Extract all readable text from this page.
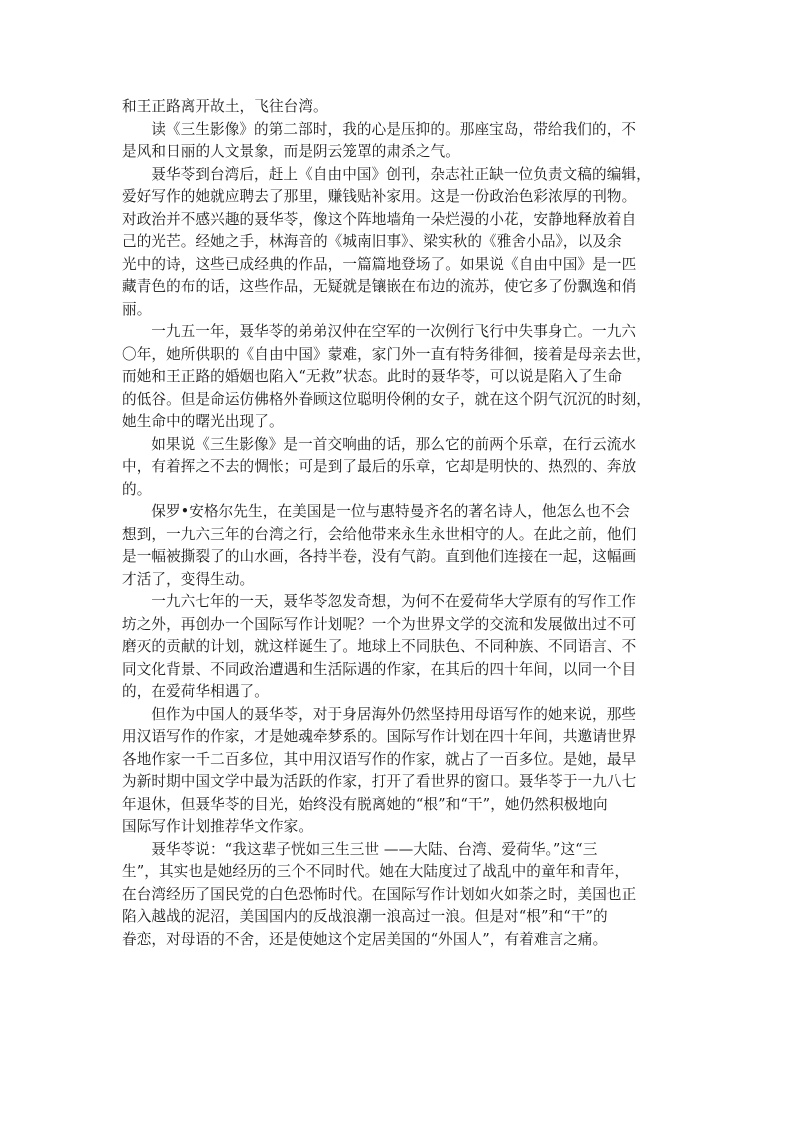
和王正路离开故土，飞往台湾。

读《三生影像》的第二部时，我的心是压抑的。那座宝岛，带给我们的，不
是风和日丽的人文景象，而是阴云笼罩的肃杀之气。

聂华苓到台湾后，赶上《自由中国》创刊，杂志社正缺一位负责文稿的编辑，
爱好写作的她就应聘去了那里，赚钱贴补家用。这是一份政治色彩浓厚的刊物。
对政治并不感兴趣的聂华苓，像这个阵地墙角一朵烂漫的小花，安静地释放着自
己的光芒。经她之手，林海音的《城南旧事》、梁实秋的《雅舍小品》，以及余
光中的诗，这些已成经典的作品，一篇篇地登场了。如果说《自由中国》是一匹
藏青色的布的话，这些作品，无疑就是镶嵌在布边的流苏，使它多了份飘逸和俏
丽。

一九五一年，聂华苓的弟弟汉仲在空军的一次例行飞行中失事身亡。一九六
〇年，她所供职的《自由中国》蒙难，家门外一直有特务徘徊，接着是母亲去世，
而她和王正路的婚姻也陷入“无救”状态。此时的聂华苓，可以说是陷入了生命
的低谷。但是命运仿佛格外眷顾这位聪明伶俐的女子，就在这个阴气沉沉的时刻，
她生命中的曙光出现了。

如果说《三生影像》是一首交响曲的话，那么它的前两个乐章，在行云流水
中，有着挥之不去的惆怅；可是到了最后的乐章，它却是明快的、热烈的、奔放
的。

保罗•安格尔先生，在美国是一位与惠特曼齐名的著名诗人，他怎么也不会
想到，一九六三年的台湾之行，会给他带来永生永世相守的人。在此之前，他们
是一幅被撕裂了的山水画，各持半卷，没有气韵。直到他们连接在一起，这幅画
才活了，变得生动。

一九六七年的一天，聂华苓忽发奇想，为何不在爱荷华大学原有的写作工作
坊之外，再创办一个国际写作计划呢？一个为世界文学的交流和发展做出过不可
磨灭的贡献的计划，就这样诞生了。地球上不同肤色、不同种族、不同语言、不
同文化背景、不同政治遭遇和生活际遇的作家，在其后的四十年间，以同一个目
的，在爱荷华相遇了。

但作为中国人的聂华苓，对于身居海外仍然坚持用母语写作的她来说，那些
用汉语写作的作家，才是她魂牵梦系的。国际写作计划在四十年间，共邀请世界
各地作家一千二百多位，其中用汉语写作的作家，就占了一百多位。是她，最早
为新时期中国文学中最为活跃的作家，打开了看世界的窗口。聂华苓于一九八七
年退休，但聂华苓的目光，始终没有脱离她的“根”和“干”，她仍然积极地向
国际写作计划推荐华文作家。

聂华苓说：“我这辈子恍如三生三世 ——大陆、台湾、爱荷华。”这“三
生”，其实也是她经历的三个不同时代。她在大陆度过了战乱中的童年和青年，
在台湾经历了国民党的白色恐怖时代。在国际写作计划如火如荼之时，美国也正
陷入越战的泥沼，美国国内的反战浪潮一浪高过一浪。但是对“根”和“干”的
眷恋，对母语的不舍，还是使她这个定居美国的“外国人”，有着难言之痛。
